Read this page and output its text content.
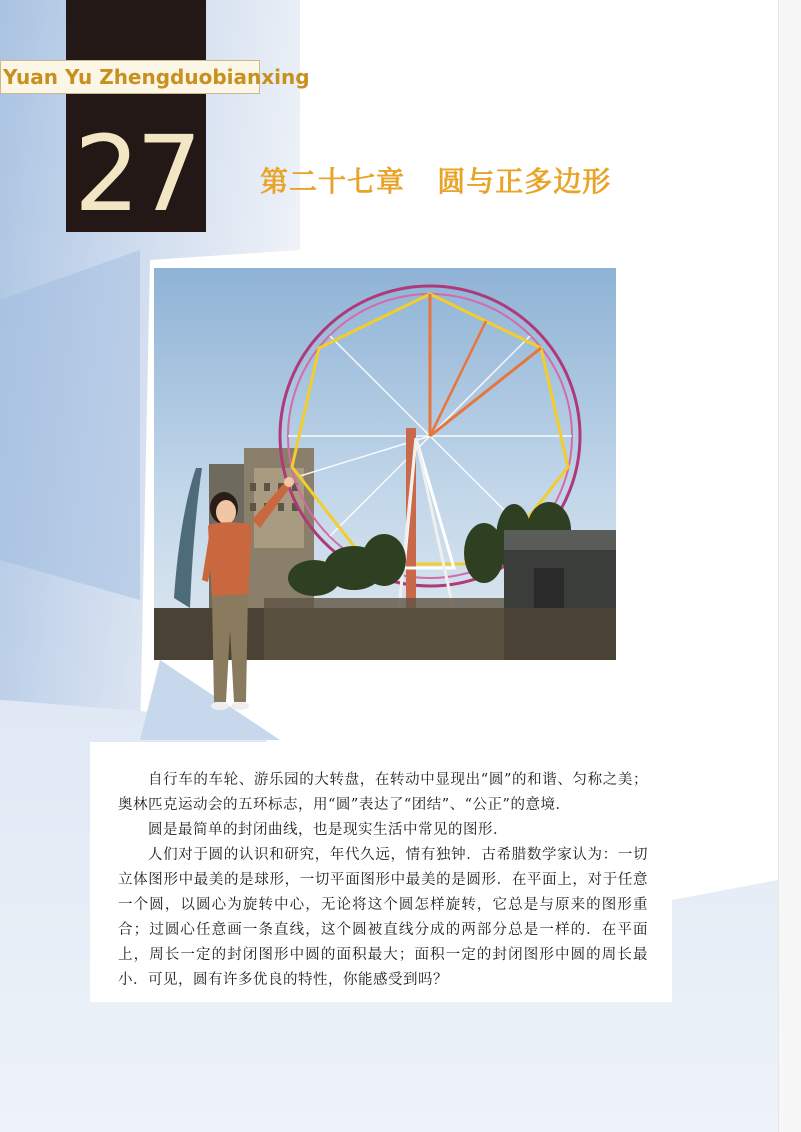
27
Yuan Yu Zhengduobianxing
第二十七章   圆与正多边形

自行车的车轮、游乐园的大转盘，在转动中显现出“圆”的和谐、匀称之美；奥林匹克运动会的五环标志，用“圆”表达了“团结”、“公正”的意境．

圆是最简单的封闭曲线，也是现实生活中常见的图形．

人们对于圆的认识和研究，年代久远，情有独钟．古希腊数学家认为：一切立体图形中最美的是球形，一切平面图形中最美的是圆形．在平面上，对于任意一个圆，以圆心为旋转中心，无论将这个圆怎样旋转，它总是与原来的图形重合；过圆心任意画一条直线，这个圆被直线分成的两部分总是一样的．在平面上，周长一定的封闭图形中圆的面积最大；面积一定的封闭图形中圆的周长最小．可见，圆有许多优良的特性，你能感受到吗？
